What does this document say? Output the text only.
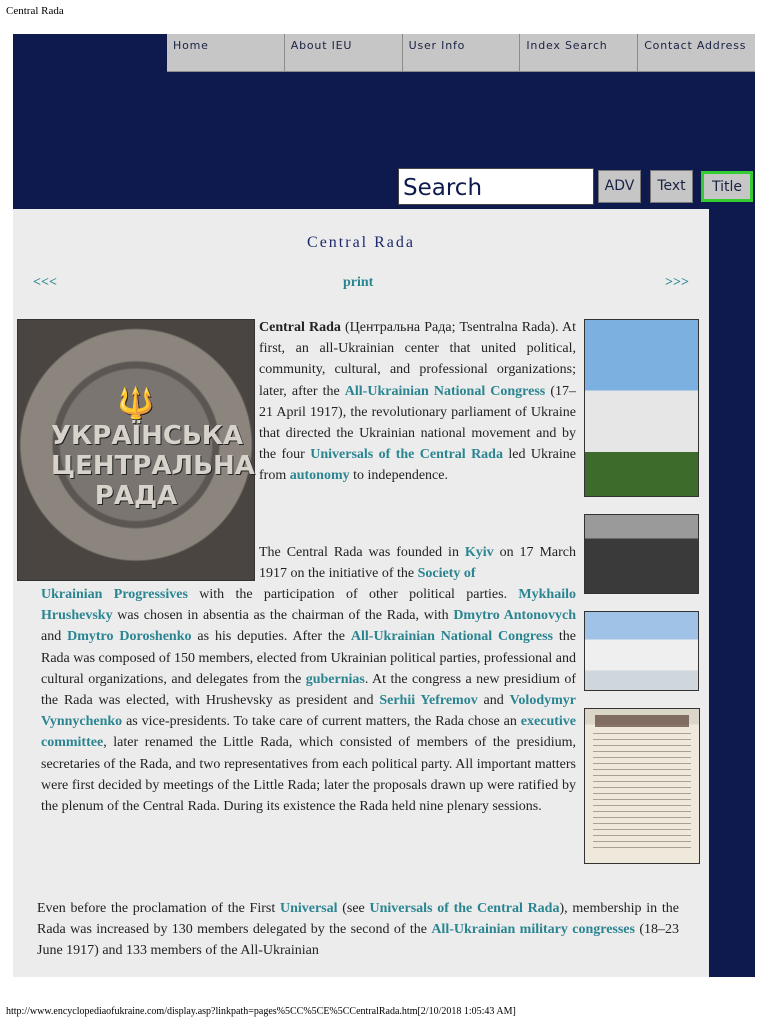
Central Rada
Home	About IEU	User Info	Index Search	Contact Address
Search
ADV	Text	Title
Central Rada
<<<	print	>>>
🔱
УКРАЇНСЬКА
ЦЕНТРАЛЬНА
РАДА

Central Rada (Центральна Рада; Tsentralna Rada). At first, an all-Ukrainian center that united political, community, cultural, and professional organizations; later, after the All-Ukrainian National Congress (17–21 April 1917), the revolutionary parliament of Ukraine that directed the Ukrainian national movement and by the four Universals of the Central Rada led Ukraine from autonomy to independence.

The Central Rada was founded in Kyiv on 17 March 1917 on the initiative of the Society of

Ukrainian Progressives with the participation of other political parties. Mykhailo Hrushevsky was chosen in absentia as the chairman of the Rada, with Dmytro Antonovych and Dmytro Doroshenko as his deputies. After the All-Ukrainian National Congress the Rada was composed of 150 members, elected from Ukrainian political parties, professional and cultural organizations, and delegates from the gubernias. At the congress a new presidium of the Rada was elected, with Hrushevsky as president and Serhii Yefremov and Volodymyr Vynnychenko as vice-presidents. To take care of current matters, the Rada chose an executive committee, later renamed the Little Rada, which consisted of members of the presidium, secretaries of the Rada, and two representatives from each political party. All important matters were first decided by meetings of the Little Rada; later the proposals drawn up were ratified by the plenum of the Central Rada. During its existence the Rada held nine plenary sessions.

Even before the proclamation of the First Universal (see Universals of the Central Rada), membership in the Rada was increased by 130 members delegated by the second of the All-Ukrainian military congresses (18–23 June 1917) and 133 members of the All-Ukrainian

http://www.encyclopediaofukraine.com/display.asp?linkpath=pages%5CC%5CE%5CCentralRada.htm[2/10/2018 1:05:43 AM]
